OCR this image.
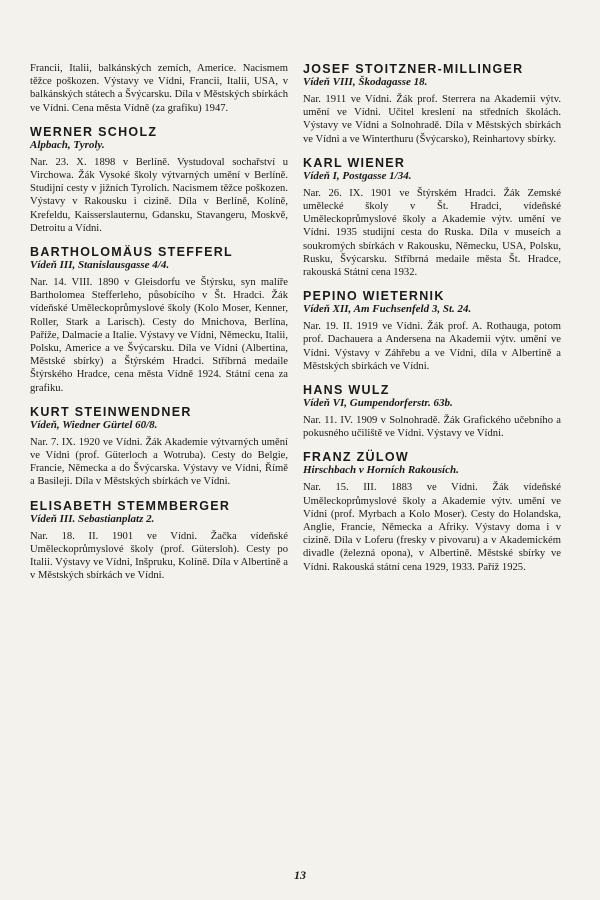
Francii, Italii, balkánských zemích, Americe. Nacismem těžce poškozen. Výstavy ve Vídni, Francii, Italii, USA, v balkánských státech a Švýcarsku. Díla v Městských sbírkách ve Vídni. Cena města Vídně (za grafiku) 1947.

WERNER SCHOLZ

Alpbach, Tyroly.

Nar. 23. X. 1898 v Berlíně. Vystudoval sochařství u Virchowa. Žák Vysoké školy výtvarných umění v Berlíně. Studijní cesty v jižních Tyrolích. Nacismem těžce poškozen. Výstavy v Rakousku i cizině. Díla v Berlíně, Kolíně, Krefeldu, Kaisserslauternu, Gdansku, Stavangeru, Moskvě, Detroitu a Vídni.

BARTHOLOMÄUS STEFFERL

Vídeň III, Stanislausgasse 4/4.

Nar. 14. VIII. 1890 v Gleisdorfu ve Štýrsku, syn malíře Bartholomea Stefferleho, působícího v Št. Hradci. Žák vídeňské Uměleckoprůmyslové školy (Kolo Moser, Kenner, Roller, Stark a Larisch). Cesty do Mnichova, Berlína, Paříže, Dalmacie a Italie. Výstavy ve Vídni, Německu, Italii, Polsku, Americe a ve Švýcarsku. Díla ve Vídni (Albertina, Městské sbírky) a Štýrském Hradci. Stříbrná medaile Štýrského Hradce, cena města Vídně 1924. Státní cena za grafiku.

KURT STEINWENDNER

Vídeň, Wiedner Gürtel 60/8.

Nar. 7. IX. 1920 ve Vídni. Žák Akademie výtvarných umění ve Vídni (prof. Güterloch a Wotruba). Cesty do Belgie, Francie, Německa a do Švýcarska. Výstavy ve Vídni, Římě a Basileji. Díla v Městských sbírkách ve Vídni.

ELISABETH STEMMBERGER

Vídeň III. Sebastianplatz 2.

Nar. 18. II. 1901 ve Vídni. Žačka vídeňské Uměleckoprůmyslové školy (prof. Gütersloh). Cesty po Italii. Výstavy ve Vídni, Inšpruku, Kolíně. Díla v Albertině a v Městských sbírkách ve Vídni.

JOSEF STOITZNER-MILLINGER

Vídeň VIII, Škodagasse 18.

Nar. 1911 ve Vídni. Žák prof. Sterrera na Akademii výtv. umění ve Vídni. Učitel kreslení na středních školách. Výstavy ve Vídni a Solnohradě. Díla v Městských sbírkách ve Vídni a ve Winterthuru (Švýcarsko), Reinhartovy sbírky.

KARL WIENER

Vídeň I, Postgasse 1/34.

Nar. 26. IX. 1901 ve Štýrském Hradci. Žák Zemské umělecké školy v Št. Hradci, vídeňské Uměleckoprůmyslové školy a Akademie výtv. umění ve Vídni. 1935 studijní cesta do Ruska. Díla v musеích a soukromých sbírkách v Rakousku, Německu, USA, Polsku, Rusku, Švýcarsku. Stříbrná medaile města Št. Hradce, rakouská Státní cena 1932.

PEPINO WIETERNIK

Vídeň XII, Am Fuchsenfeld 3, St. 24.

Nar. 19. II. 1919 ve Vídni. Žák prof. A. Rothauga, potom prof. Dachauera a Andersena na Akademii výtv. umění ve Vídni. Výstavy v Záhřebu a ve Vídni, díla v Albertině a Městských sbírkách ve Vídni.

HANS WULZ

Vídeň VI, Gumpendorferstr. 63b.

Nar. 11. IV. 1909 v Solnohradě. Žák Grafického učebního a pokusného učiliště ve Vídni. Výstavy ve Vídni.

FRANZ ZÜLOW

Hirschbach v Horních Rakousích.

Nar. 15. III. 1883 ve Vídni. Žák vídeňské Uměleckoprůmyslové školy a Akademie výtv. umění ve Vídni (prof. Myrbach a Kolo Moser). Cesty do Holandska, Anglie, Francie, Německa a Afriky. Výstavy doma i v cizině. Díla v Loferu (fresky v pivovaru) a v Akademickém divadle (železná opona), v Albertině. Městské sbírky ve Vídni. Rakouská státní cena 1929, 1933. Paříž 1925.

13
